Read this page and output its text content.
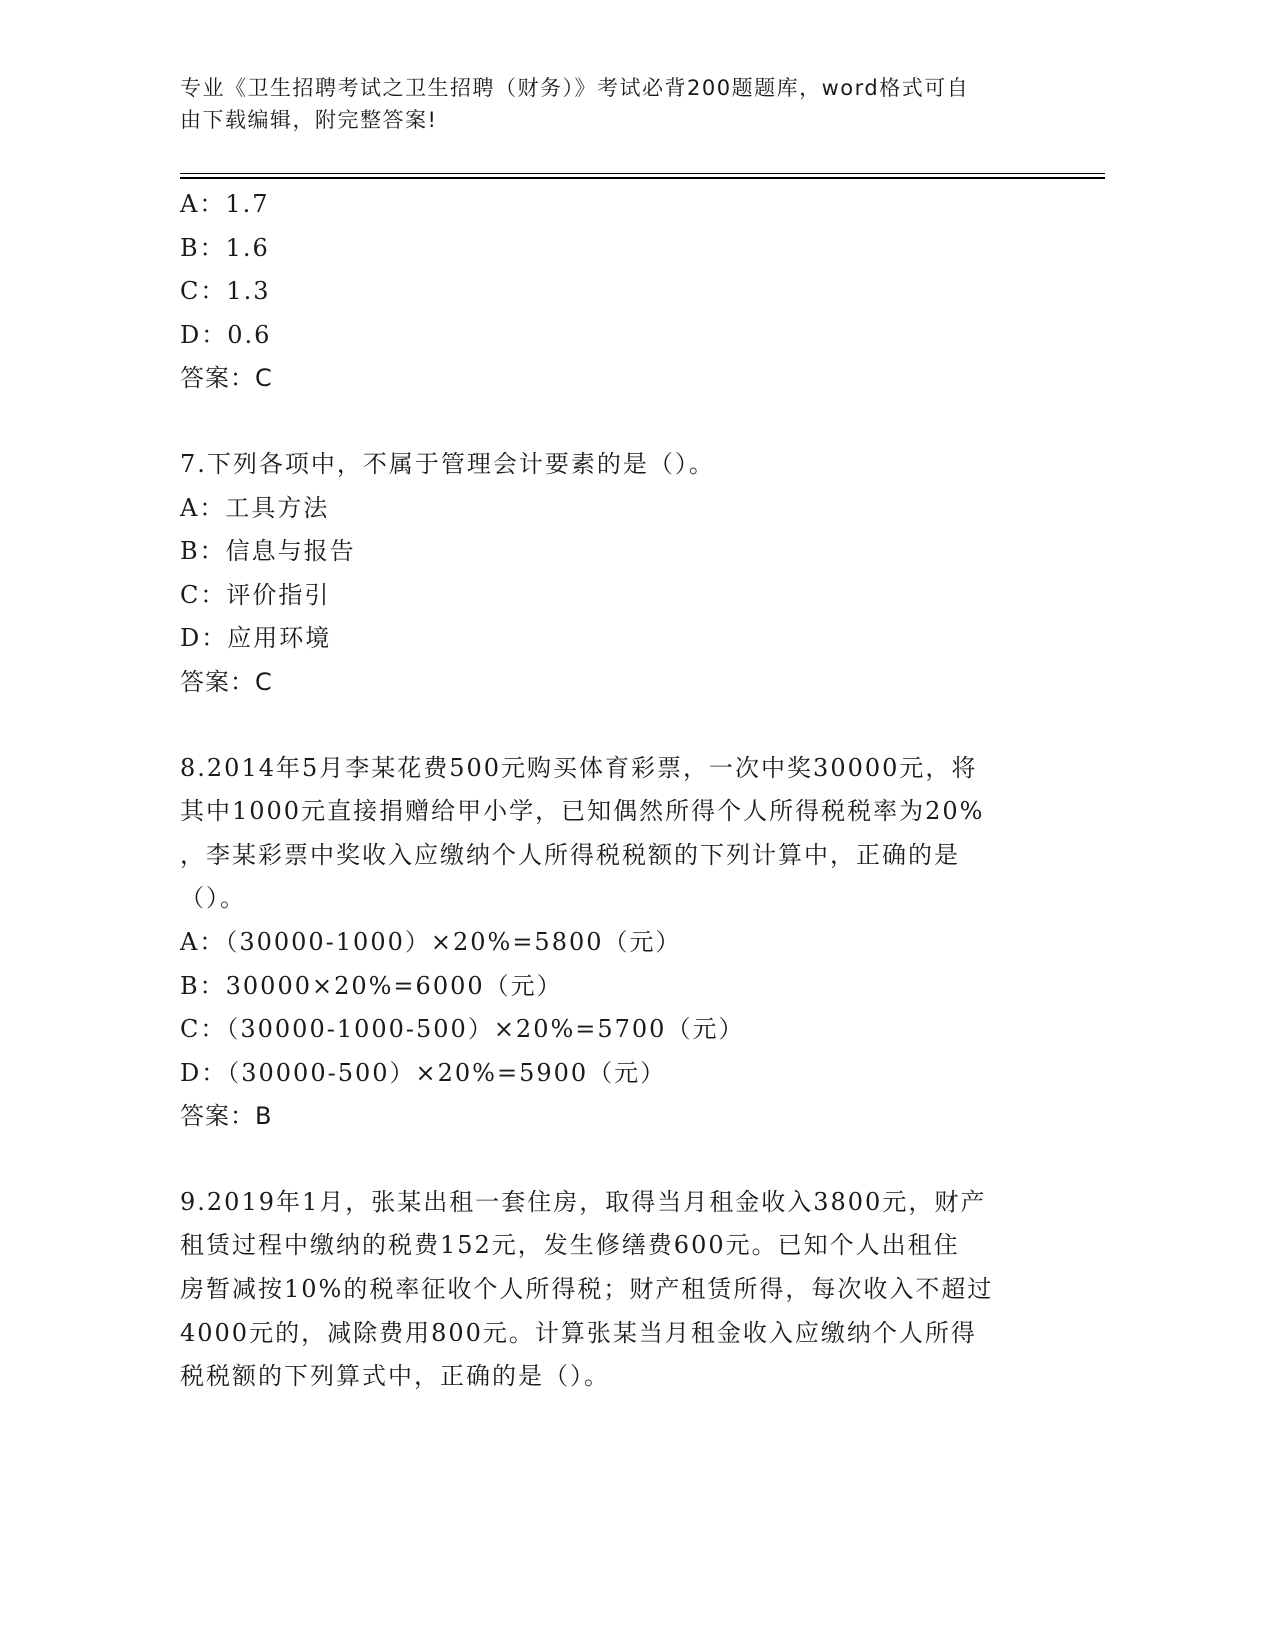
专业《卫生招聘考试之卫生招聘（财务）》考试必背200题题库，word格式可自
由下载编辑，附完整答案!
A：1.7
B：1.6
C：1.3
D：0.6
答案：C
7.下列各项中，不属于管理会计要素的是（）。
A：工具方法
B：信息与报告
C：评价指引
D：应用环境
答案：C
8.2014年5月李某花费500元购买体育彩票，一次中奖30000元，将
其中1000元直接捐赠给甲小学，已知偶然所得个人所得税税率为20%
，李某彩票中奖收入应缴纳个人所得税税额的下列计算中，正确的是
（）。
A：（30000-1000）×20%=5800（元）
B：30000×20%=6000（元）
C：（30000-1000-500）×20%=5700（元）
D：（30000-500）×20%=5900（元）
答案：B
9.2019年1月，张某出租一套住房，取得当月租金收入3800元，财产
租赁过程中缴纳的税费152元，发生修缮费600元。已知个人出租住
房暂减按10%的税率征收个人所得税；财产租赁所得，每次收入不超过
4000元的，减除费用800元。计算张某当月租金收入应缴纳个人所得
税税额的下列算式中，正确的是（）。
